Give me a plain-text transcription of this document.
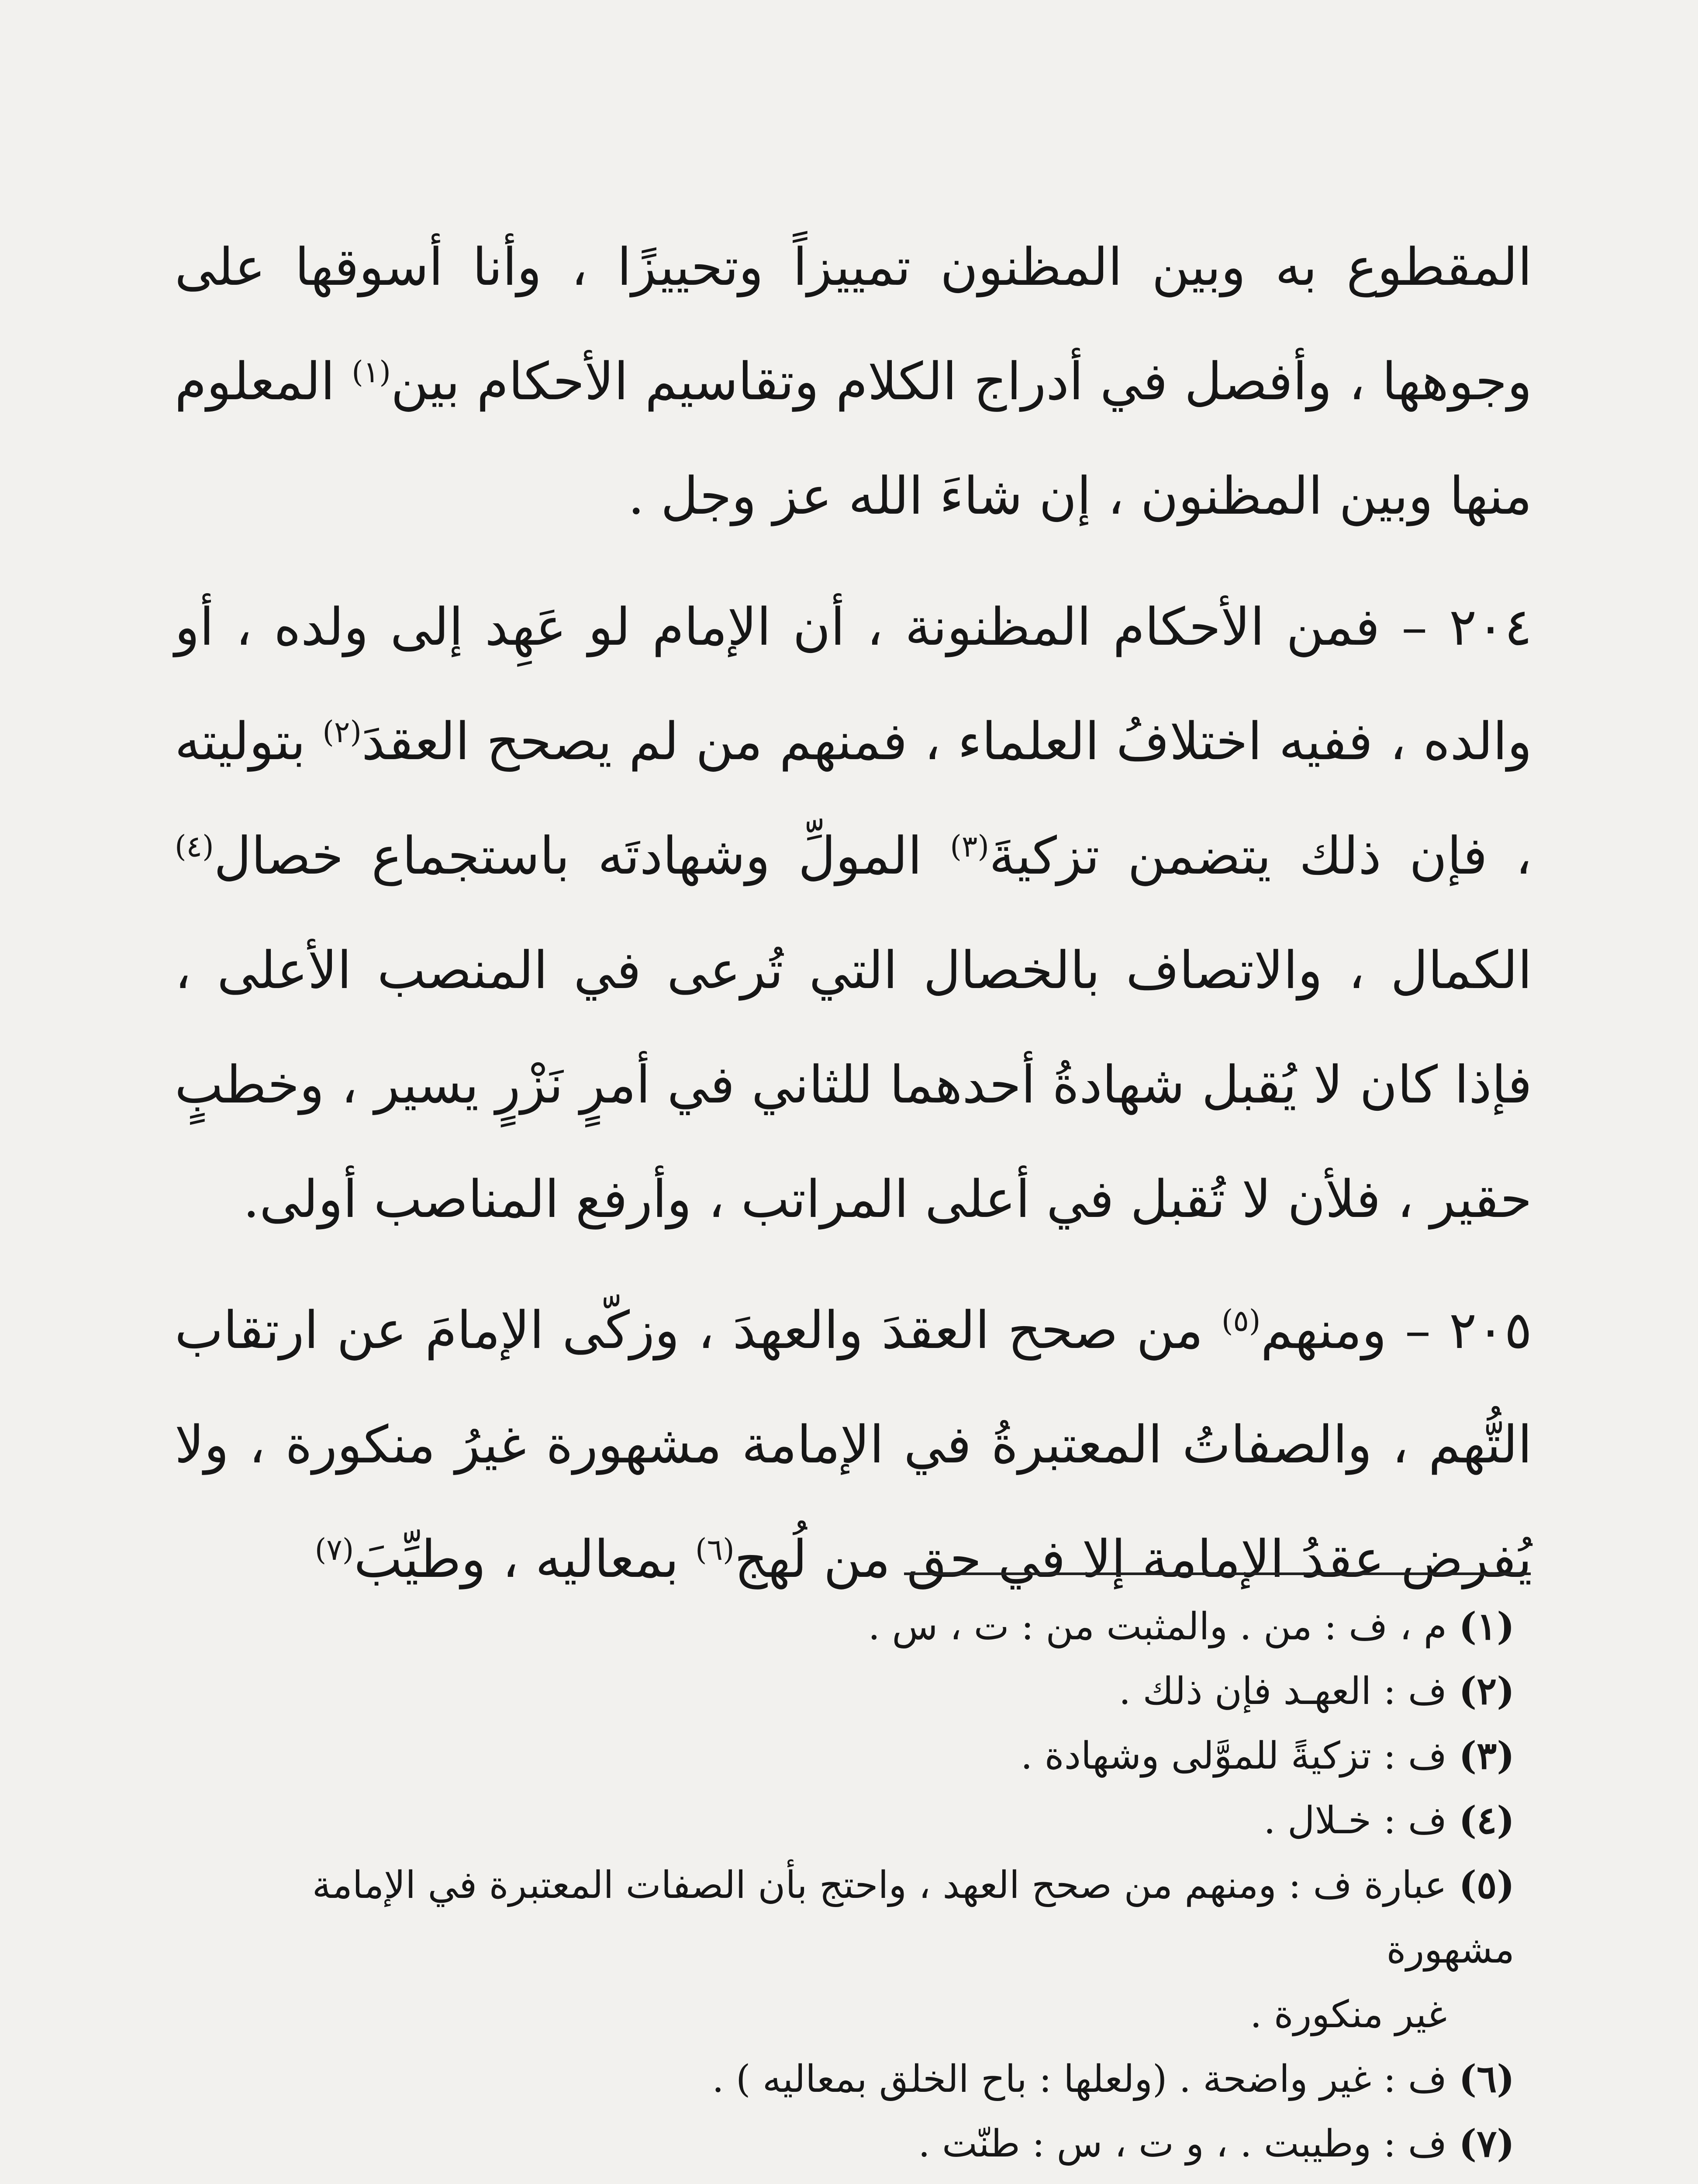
المقطوع به وبين المظنون تمييزاً وتحييزًا ، وأنا أسوقها على وجوهها ، وأفصل في أدراج الكلام وتقاسيم الأحكام بين$^{(١)}$ المعلوم منها وبين المظنون ، إن شاءَ الله عز وجل .

٢٠٤ – فمن الأحكام المظنونة ، أن الإمام لو عَهِد إلى ولده ، أو والده ، ففيه اختلافُ العلماء ، فمنهم من لم يصحح العقدَ$^{(٢)}$ بتوليته ، فإن ذلك يتضمن تزكيةَ$^{(٣)}$ المولِّ وشهادتَه باستجماع خصال$^{(٤)}$ الكمال ، والاتصاف بالخصال التي تُرعى في المنصب الأعلى ، فإذا كان لا يُقبل شهادةُ أحدهما للثاني في أمرٍ نَزْرٍ يسير ، وخطبٍ حقير ، فلأن لا تُقبل في أعلى المراتب ، وأرفع المناصب أولى.

٢٠٥ – ومنهم$^{(٥)}$ من صحح العقدَ والعهدَ ، وزكّى الإمامَ عن ارتقاب التُّهم ، والصفاتُ المعتبرةُ في الإمامة مشهورة غيرُ منكورة ، ولا يُفرض عقدُ الإمامة إلا في حق من لُهج$^{(٦)}$ بمعاليه ، وطيِّبَ$^{(٧)}$

(١)م ، ف : من . والمثبت من : ت ، س .

(٢)ف : العهـد فإن ذلك .

(٣)ف : تزكيةً للموَّلى وشهادة .

(٤)ف : خـلال .

(٥)عبارة ف : ومنهم من صحح العهد ، واحتج بأن الصفات المعتبرة في الإمامة مشهورة

غير منكورة .

(٦)ف : غير واضحة . (ولعلها : باح الخلق بمعاليه ) .

(٧)ف : وطيبت . ، و ت ، س : طنّت .
